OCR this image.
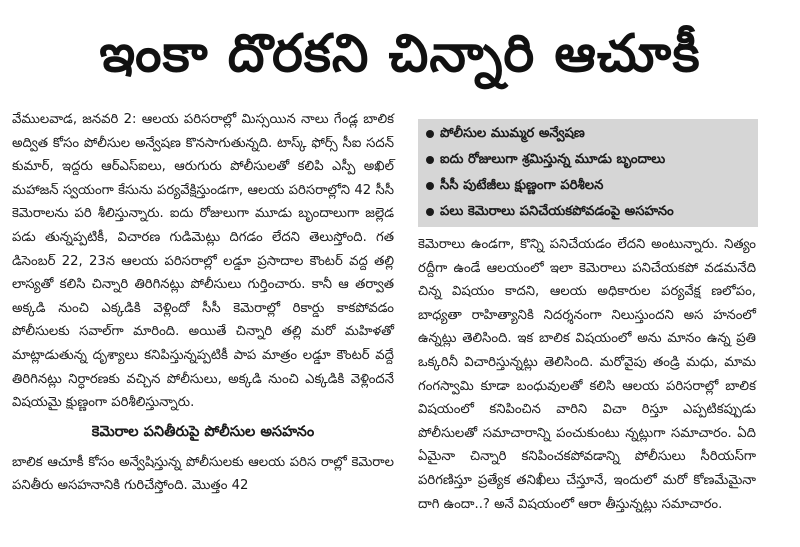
ఇంకా దొరకని చిన్నారి ఆచూకీ

వేములవాడ, జనవరి 2: ఆలయ పరిసరాల్లో మిస్సయిన నాలు గేండ్ల బాలిక అద్విత కోసం పోలీసుల అన్వేషణ కొనసాగుతున్నది. టాస్క్ ఫోర్స్ సీఐ సదన్ కుమార్, ఇద్దరు ఆర్ఎస్ఐలు, ఆరుగురు పోలీసులతో కలిపి ఎస్పీ అఖిల్ మహాజన్ స్వయంగా కేసును పర్యవేక్షిస్తుండగా, ఆలయ పరిసరాల్లోని 42 సీసీ కెమెరాలను పరి శీలిస్తున్నారు. ఐదు రోజులుగా మూడు బృందాలుగా జల్లెడ పడు తున్నప్పటికీ, విచారణ గుడిమెట్లు దిగడం లేదని తెలుస్తోంది. గత డిసెంబర్ 22, 23న ఆలయ పరిసరాల్లో లడ్డూ ప్రసాదాల కౌంటర్ వద్ద తల్లి లాస్యతో కలిసి చిన్నారి తిరిగినట్లు పోలీసులు గుర్తించారు. కానీ ఆ తర్వాత అక్కడి నుంచి ఎక్కడికి వెళ్లిందో సీసీ కెమెరాల్లో రికార్డు కాకపోవడం పోలీసులకు సవాల్‌గా మారింది. అయితే చిన్నారి తల్లి మరో మహిళతో మాట్లాడుతున్న దృశ్యాలు కనిపిస్తున్నప్పటికీ పాప మాత్రం లడ్డూ కౌంటర్ వద్దే తిరిగినట్లు నిర్ధారణకు వచ్చిన పోలీసులు, అక్కడి నుంచి ఎక్కడికి వెళ్లిందనే విషయమై క్షుణ్ణంగా పరిశీలిస్తున్నారు.

కెమెరాల పనితీరుపై పోలీసుల అసహనం

బాలిక ఆచూకీ కోసం అన్వేషిస్తున్న పోలీసులకు ఆలయ పరిస రాల్లో కెమెరాల పనితీరు అసహనానికి గురిచేస్తోంది. మొత్తం 42

పోలీసుల ముమ్మర అన్వేషణ
ఐదు రోజులుగా శ్రమిస్తున్న మూడు బృందాలు
సీసీ పుటేజీలు క్షుణ్ణంగా పరిశీలన
పలు కెమెరాలు పనిచేయకపోవడంపై అసహనం

కెమెరాలు ఉండగా, కొన్ని పనిచేయడం లేదని అంటున్నారు. నిత్యం రద్దీగా ఉండే ఆలయంలో ఇలా కెమెరాలు పనిచేయకపో వడమనేది చిన్న విషయం కాదని, ఆలయ అధికారుల పర్యవేక్ష ణలోపం, బాధ్యతా రాహిత్యానికి నిదర్శనంగా నిలుస్తుందని అస హనంలో ఉన్నట్లు తెలిసింది. ఇక బాలిక విషయంలో అను మానం ఉన్న ప్రతి ఒక్కరినీ విచారిస్తున్నట్లు తెలిసింది. మరోవైపు తండ్రి మధు, మామ గంగస్వామి కూడా బంధువులతో కలిసి ఆలయ పరిసరాల్లో బాలిక విషయంలో కనిపించిన వారిని విచా రిస్తూ ఎప్పటికప్పుడు పోలీసులతో సమాచారాన్ని పంచుకుంటు న్నట్లుగా సమాచారం. ఏది ఏమైనా చిన్నారి కనిపించకపోవడాన్ని పోలీసులు సీరియస్‌గా పరిగణిస్తూ ప్రత్యేక తనిఖీలు చేస్తూనే, ఇందులో మరో కోణమేమైనా దాగి ఉందా..? అనే విషయంలో ఆరా తీస్తున్నట్లు సమాచారం.
